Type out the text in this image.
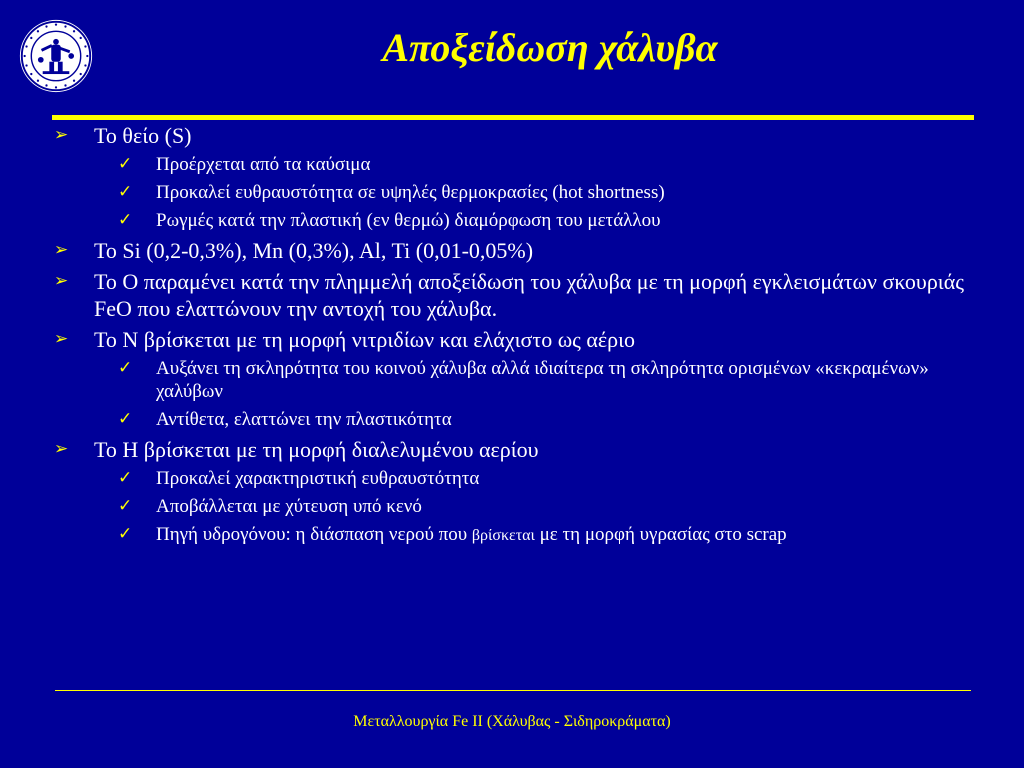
Αποξείδωση χάλυβα
➢ Το θείο (S)
✓ Προέρχεται από τα καύσιμα
✓ Προκαλεί ευθραυστότητα σε υψηλές θερμοκρασίες (hot shortness)
✓ Ρωγμές κατά την πλαστική (εν θερμώ) διαμόρφωση του μετάλλου
➢ Το Si (0,2-0,3%), Mn (0,3%), Al, Ti (0,01-0,05%)
➢ Το O παραμένει κατά την πλημμελή αποξείδωση του χάλυβα με τη μορφή εγκλεισμάτων σκουριάς FeO που ελαττώνουν την αντοχή του χάλυβα.
➢ Το N βρίσκεται με τη μορφή νιτριδίων και ελάχιστο ως αέριο
✓ Αυξάνει τη σκληρότητα του κοινού χάλυβα αλλά ιδιαίτερα τη σκληρότητα ορισμένων «κεκραμένων» χαλύβων
✓ Αντίθετα, ελαττώνει την πλαστικότητα
➢ Το H βρίσκεται με τη μορφή διαλελυμένου αερίου
✓ Προκαλεί χαρακτηριστική ευθραυστότητα
✓ Αποβάλλεται με χύτευση υπό κενό
✓ Πηγή υδρογόνου: η διάσπαση νερού που βρίσκεται με τη μορφή υγρασίας στο scrap
Μεταλλουργία Fe II (Χάλυβας - Σιδηροκράματα)
